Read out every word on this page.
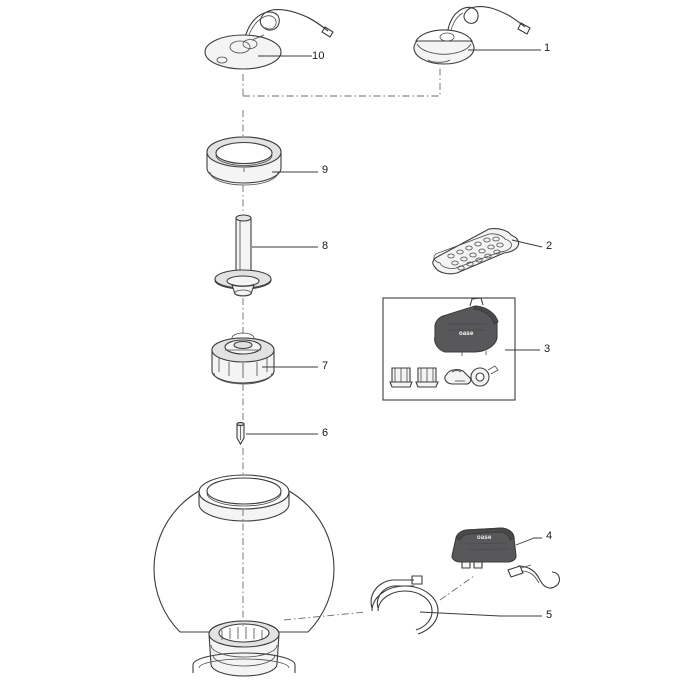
10
1
9
8
7
6
2
3
4
5
oase
oase
